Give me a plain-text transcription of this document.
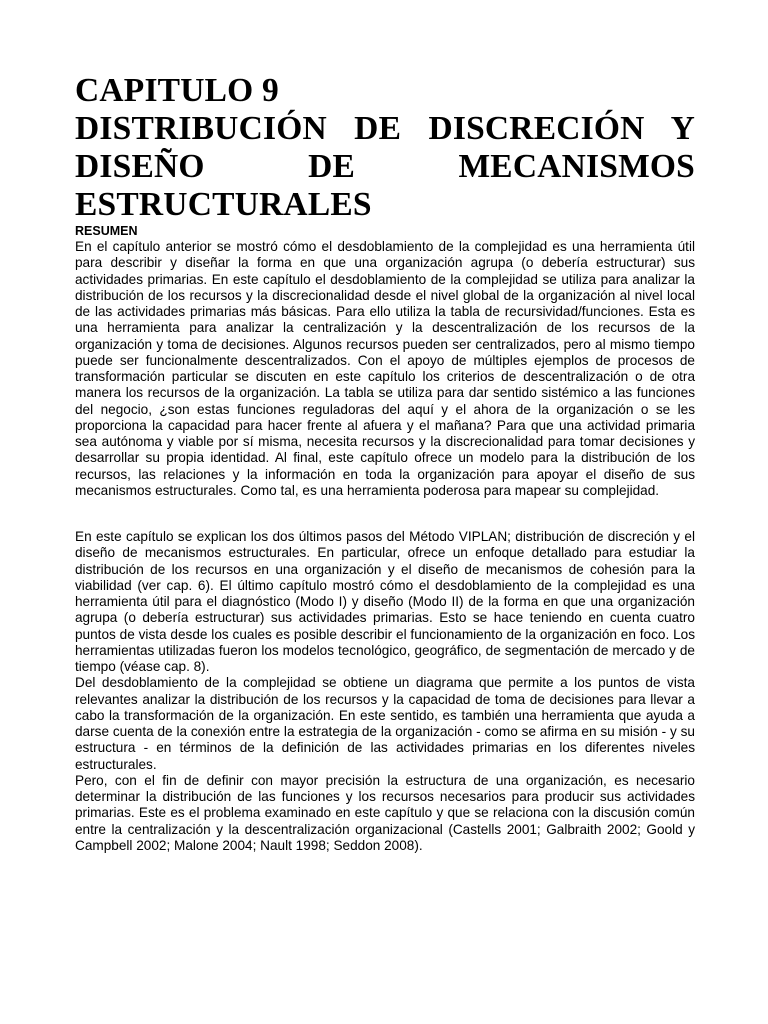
CAPITULO 9
DISTRIBUCIÓN DE DISCRECIÓN Y
DISEÑO	DE	MECANISMOS
ESTRUCTURALES

RESUMEN

En el capítulo anterior se mostró cómo el desdoblamiento de la complejidad es una herramienta útil para describir y diseñar la forma en que una organización agrupa (o debería estructurar) sus actividades primarias. En este capítulo el desdoblamiento de la complejidad se utiliza para analizar la distribución de los recursos y la discrecionalidad desde el nivel global de la organización al nivel local de las actividades primarias más básicas. Para ello utiliza la tabla de recursividad/funciones. Esta es una herramienta para analizar la centralización y la descentralización de los recursos de la organización y toma de decisiones. Algunos recursos pueden ser centralizados, pero al mismo tiempo puede ser funcionalmente descentralizados. Con el apoyo de múltiples ejemplos de procesos de transformación particular se discuten en este capítulo los criterios de descentralización o de otra manera los recursos de la organización. La tabla se utiliza para dar sentido sistémico a las funciones del negocio, ¿son estas funciones reguladoras del aquí y el ahora de la organización o se les proporciona la capacidad para hacer frente al afuera y el mañana? Para que una actividad primaria sea autónoma y viable por sí misma, necesita recursos y la discrecionalidad para tomar decisiones y desarrollar su propia identidad. Al final, este capítulo ofrece un modelo para la distribución de los recursos, las relaciones y la información en toda la organización para apoyar el diseño de sus mecanismos estructurales. Como tal, es una herramienta poderosa para mapear su complejidad.

En este capítulo se explican los dos últimos pasos del Método VIPLAN; distribución de discreción y el diseño de mecanismos estructurales. En particular, ofrece un enfoque detallado para estudiar la distribución de los recursos en una organización y el diseño de mecanismos de cohesión para la viabilidad (ver cap. 6). El último capítulo mostró cómo el desdoblamiento de la complejidad es una herramienta útil para el diagnóstico (Modo I) y diseño (Modo II) de la forma en que una organización agrupa (o debería estructurar) sus actividades primarias. Esto se hace teniendo en cuenta cuatro puntos de vista desde los cuales es posible describir el funcionamiento de la organización en foco. Los herramientas utilizadas fueron los modelos tecnológico, geográfico, de segmentación de mercado y de tiempo (véase cap. 8).

Del desdoblamiento de la complejidad se obtiene un diagrama que permite a los puntos de vista relevantes analizar la distribución de los recursos y la capacidad de toma de decisiones para llevar a cabo la transformación de la organización. En este sentido, es también una herramienta que ayuda a darse cuenta de la conexión entre la estrategia de la organización - como se afirma en su misión - y su estructura - en términos de la definición de las actividades primarias en los diferentes niveles estructurales.

Pero, con el fin de definir con mayor precisión la estructura de una organización, es necesario determinar la distribución de las funciones y los recursos necesarios para producir sus actividades primarias. Este es el problema examinado en este capítulo y que se relaciona con la discusión común entre la centralización y la descentralización organizacional (Castells 2001; Galbraith 2002; Goold y Campbell 2002; Malone 2004; Nault 1998; Seddon 2008).
